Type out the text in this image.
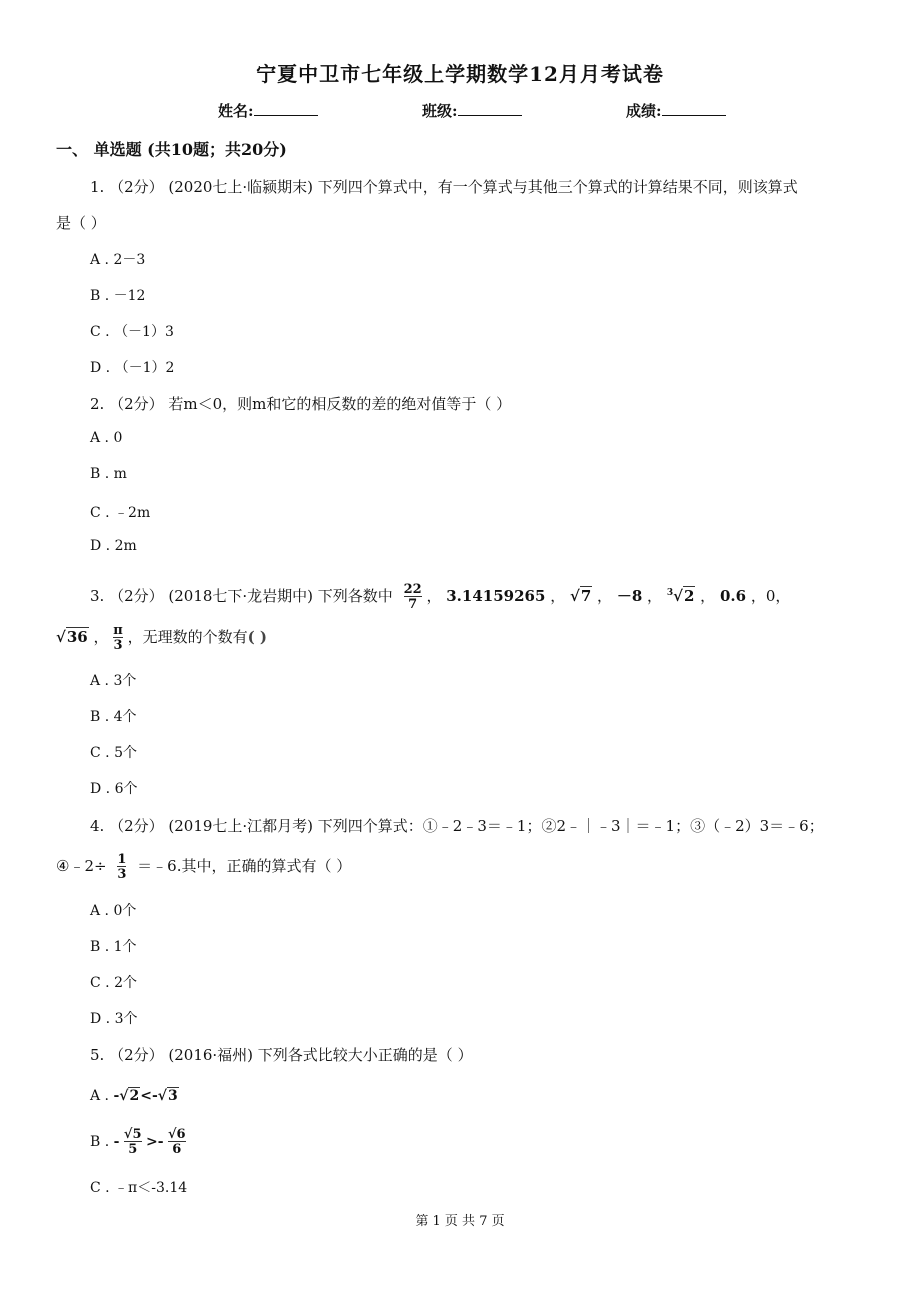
宁夏中卫市七年级上学期数学12月月考试卷
姓名:	班级:	成绩:
一、 单选题 (共10题；共20分)
1. （2分） (2020七上·临颍期末) 下列四个算式中，有一个算式与其他三个算式的计算结果不同，则该算式
是（ ）
A . 2－3
B . －12
C . （－1）3
D . （－1）2
2. （2分） 若m＜0，则m和它的相反数的差的绝对值等于（ ）
A . 0
B . m
C . ﹣2m
D . 2m
3. （2分） (2018七下·龙岩期中) 下列各数中 $\frac{22}{7}$ ， 3.14159265 ， √7 ， －8 ， $^3$√2 ， 0.6 ，0，
√36 ， $\frac{\pi}{3}$ ，无理数的个数有( )
A . 3个
B . 4个
C . 5个
D . 6个
4. （2分） (2019七上·江都月考) 下列四个算式：①﹣2﹣3＝﹣1；②2﹣｜﹣3｜＝﹣1；③（﹣2）3＝﹣6；
④﹣2÷ $\frac{1}{3}$ ＝﹣6.其中，正确的算式有（ ）
A . 0个
B . 1个
C . 2个
D . 3个
5. （2分） (2016·福州) 下列各式比较大小正确的是（ ）
A . -√2<-√3
B . - $\frac{√5}{5} >- \frac{√6}{6}$
C . ﹣π＜-3.14
第 1 页 共 7 页
